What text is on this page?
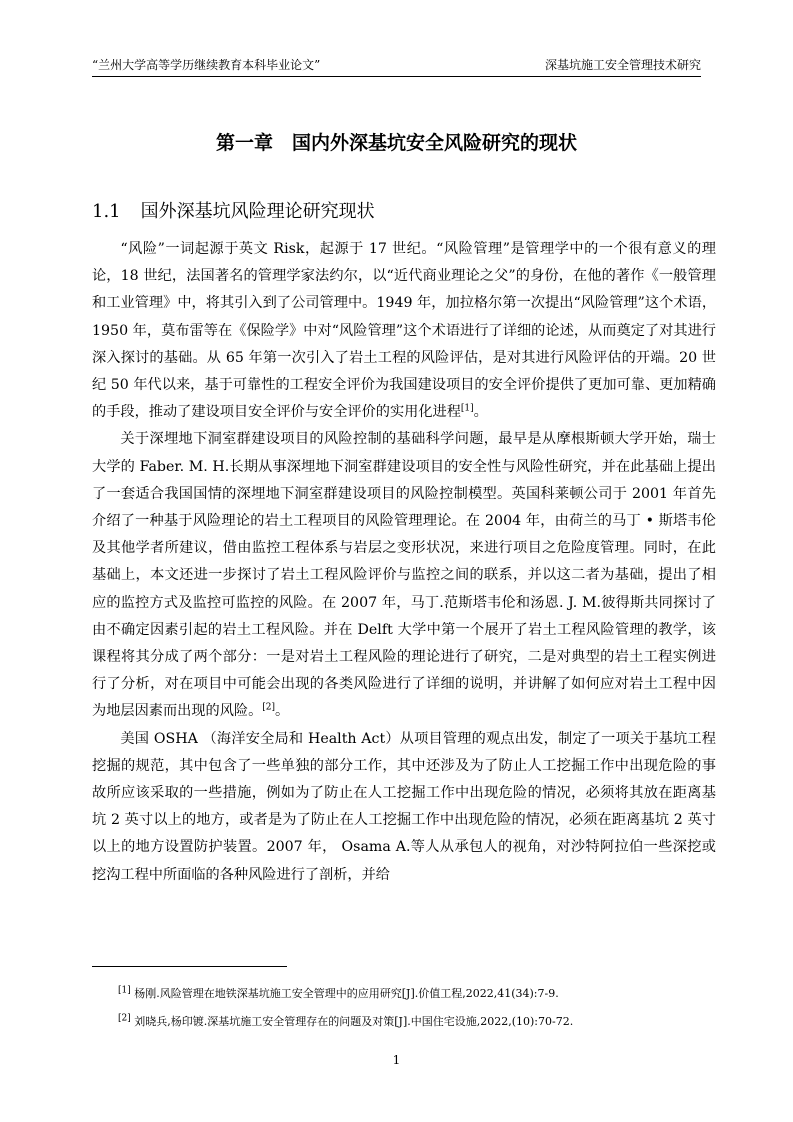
“兰州大学高等学历继续教育本科毕业论文”	深基坑施工安全管理技术研究
第一章　国内外深基坑安全风险研究的现状
1.1 国外深基坑风险理论研究现状

“风险”一词起源于英文 Risk，起源于 17 世纪。“风险管理”是管理学中的一个很有意义的理论，18 世纪，法国著名的管理学家法约尔，以“近代商业理论之父”的身份，在他的著作《一般管理和工业管理》中，将其引入到了公司管理中。1949 年，加拉格尔第一次提出“风险管理”这个术语，1950 年，莫布雷等在《保险学》中对“风险管理”这个术语进行了详细的论述，从而奠定了对其进行深入探讨的基础。从 65 年第一次引入了岩土工程的风险评估，是对其进行风险评估的开端。20 世纪 50 年代以来，基于可靠性的工程安全评价为我国建设项目的安全评价提供了更加可靠、更加精确的手段，推动了建设项目安全评价与安全评价的实用化进程[1]。

关于深埋地下洞室群建设项目的风险控制的基础科学问题，最早是从摩根斯顿大学开始，瑞士大学的 Faber. M. H.长期从事深埋地下洞室群建设项目的安全性与风险性研究，并在此基础上提出了一套适合我国国情的深埋地下洞室群建设项目的风险控制模型。英国科莱顿公司于 2001 年首先介绍了一种基于风险理论的岩土工程项目的风险管理理论。在 2004 年，由荷兰的马丁 • 斯塔韦伦及其他学者所建议，借由监控工程体系与岩层之变形状况，来进行项目之危险度管理。同时，在此基础上，本文还进一步探讨了岩土工程风险评价与监控之间的联系，并以这二者为基础，提出了相应的监控方式及监控可监控的风险。在 2007 年，马丁.范斯塔韦伦和汤恩. J. M.彼得斯共同探讨了由不确定因素引起的岩土工程风险。并在 Delft 大学中第一个展开了岩土工程风险管理的教学，该课程将其分成了两个部分：一是对岩土工程风险的理论进行了研究，二是对典型的岩土工程实例进行了分析，对在项目中可能会出现的各类风险进行了详细的说明，并讲解了如何应对岩土工程中因为地层因素而出现的风险。[2]。

美国 OSHA （海洋安全局和 Health Act）从项目管理的观点出发，制定了一项关于基坑工程挖掘的规范，其中包含了一些单独的部分工作，其中还涉及为了防止人工挖掘工作中出现危险的事故所应该采取的一些措施，例如为了防止在人工挖掘工作中出现危险的情况，必须将其放在距离基坑 2 英寸以上的地方，或者是为了防止在人工挖掘工作中出现危险的情况，必须在距离基坑 2 英寸以上的地方设置防护装置。2007 年， Osama A.等人从承包人的视角，对沙特阿拉伯一些深挖或挖沟工程中所面临的各种风险进行了剖析，并给

[1] 杨刚.风险管理在地铁深基坑施工安全管理中的应用研究[J].价值工程,2022,41(34):7-9.
[2] 刘晓兵,杨印镀.深基坑施工安全管理存在的问题及对策[J].中国住宅设施,2022,(10):70-72.
1
